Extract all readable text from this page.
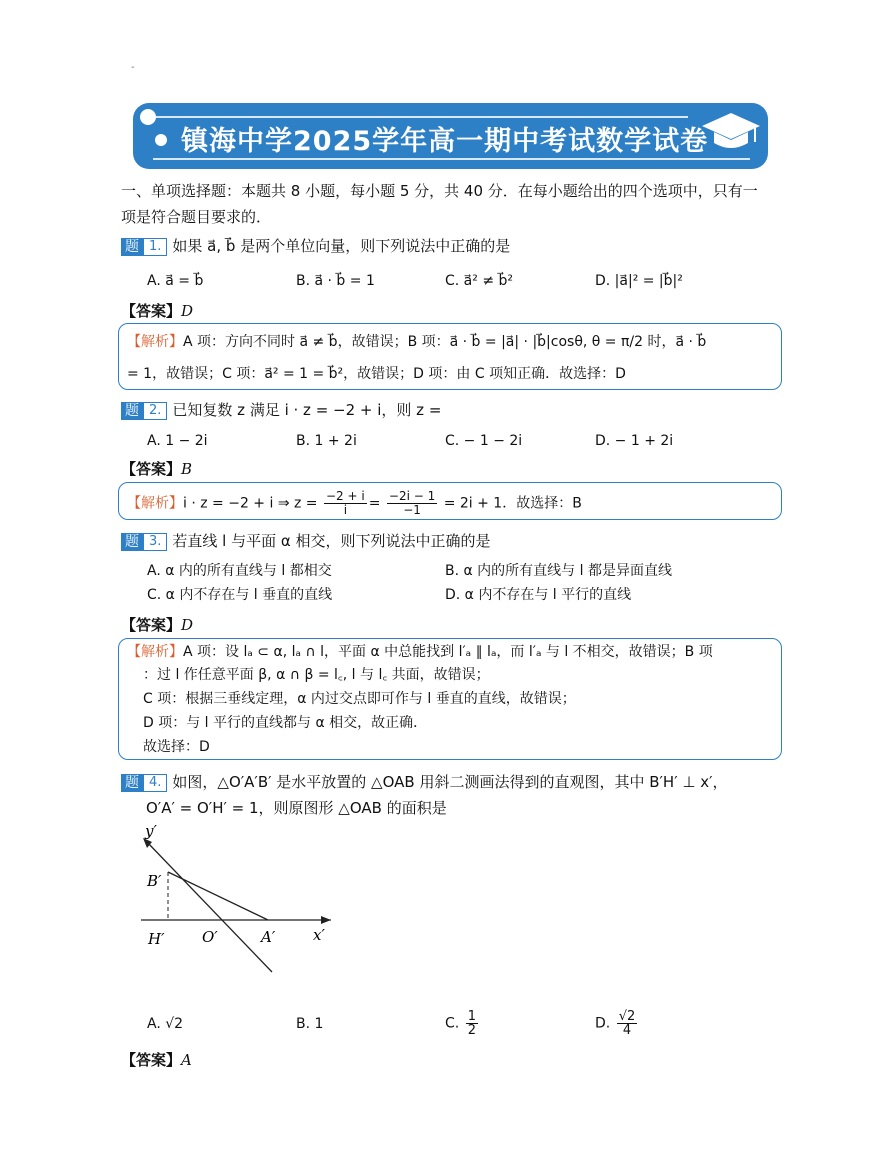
-
镇海中学2025学年高一期中考试数学试卷
一、单项选择题：本题共 8 小题，每小题 5 分，共 40 分．在每小题给出的四个选项中，只有一
项是符合题目要求的．
题 1. 如果 a⃗, b⃗ 是两个单位向量，则下列说法中正确的是
A. a⃗ = b⃗	B. a⃗ · b⃗ = 1	C. a⃗² ≠ b⃗²	D. |a⃗|² = |b⃗|²
【答案】D
【解析】A 项：方向不同时 a⃗ ≠ b⃗，故错误；B 项：a⃗ · b⃗ = |a⃗| · |b⃗|cosθ, θ = π/2 时，a⃗ · b⃗
= 1，故错误；C 项：a⃗² = 1 = b⃗²，故错误；D 项：由 C 项知正确．故选择：D
题 2. 已知复数 z 满足 i · z = −2 + i，则 z =
A. 1 − 2i	B. 1 + 2i	C. − 1 − 2i	D. − 1 + 2i
【答案】B
【解析】i · z = −2 + i ⇒ $z = \frac{-2 + i}{i} = \frac{-2i - 1}{-1} = 2i + 1$．故选择：B
题 3. 若直线 l 与平面 α 相交，则下列说法中正确的是
A. α 内的所有直线与 l 都相交	B. α 内的所有直线与 l 都是异面直线
C. α 内不存在与 l 垂直的直线	D. α 内不存在与 l 平行的直线
【答案】D
【解析】A 项：设 lₐ ⊂ α, lₐ ∩ l，平面 α 中总能找到 l′ₐ ∥ lₐ，而 l′ₐ 与 l 不相交，故错误；B 项
：过 l 作任意平面 β, α ∩ β = l꜀, l 与 l꜀ 共面，故错误；
C 项：根据三垂线定理，α 内过交点即可作与 l 垂直的直线，故错误；
D 项：与 l 平行的直线都与 α 相交，故正确．
故选择：D
题 4. 如图，△O′A′B′ 是水平放置的 △OAB 用斜二测画法得到的直观图，其中 B′H′ ⊥ x′，
O′A′ = O′H′ = 1，则原图形 △OAB 的面积是
y′
B′
H′	O′	A′	x′
A. √2	B. 1	C. $\frac{1}{2}$	D. $\frac{√2}{4}$
【答案】A
